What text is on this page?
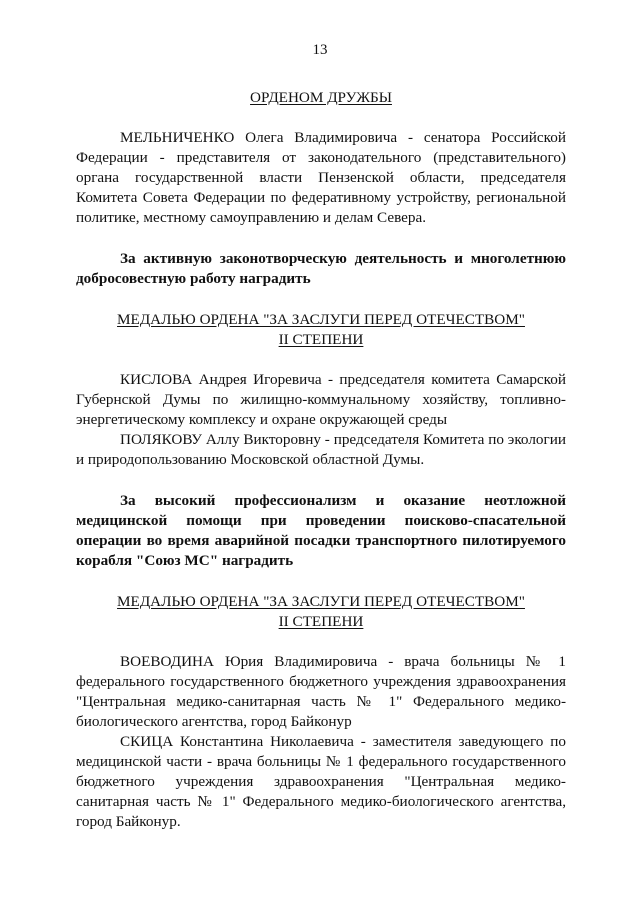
13
ОРДЕНОМ ДРУЖБЫ

МЕЛЬНИЧЕНКО Олега Владимировича - сенатора Российской Федерации - представителя от законодательного (представительного) органа государственной власти Пензенской области, председателя Комитета Совета Федерации по федеративному устройству, региональной политике, местному самоуправлению и делам Севера.

За активную законотворческую деятельность и многолетнюю добросовестную работу наградить

МЕДАЛЬЮ ОРДЕНА "ЗА ЗАСЛУГИ ПЕРЕД ОТЕЧЕСТВОМ"
II СТЕПЕНИ

КИСЛОВА Андрея Игоревича - председателя комитета Самарской Губернской Думы по жилищно-коммунальному хозяйству, топливно-энергетическому комплексу и охране окружающей среды

ПОЛЯКОВУ Аллу Викторовну - председателя Комитета по экологии и природопользованию Московской областной Думы.

За высокий профессионализм и оказание неотложной медицинской помощи при проведении поисково-спасательной операции во время аварийной посадки транспортного пилотируемого корабля "Союз МС" наградить

МЕДАЛЬЮ ОРДЕНА "ЗА ЗАСЛУГИ ПЕРЕД ОТЕЧЕСТВОМ"
II СТЕПЕНИ

ВОЕВОДИНА Юрия Владимировича - врача больницы № 1 федерального государственного бюджетного учреждения здравоохранения "Центральная медико-санитарная часть № 1" Федерального медико-биологического агентства, город Байконур

СКИЦА Константина Николаевича - заместителя заведующего по медицинской части - врача больницы № 1 федерального государственного бюджетного учреждения здравоохранения "Центральная медико-санитарная часть № 1" Федерального медико-биологического агентства, город Байконур.
